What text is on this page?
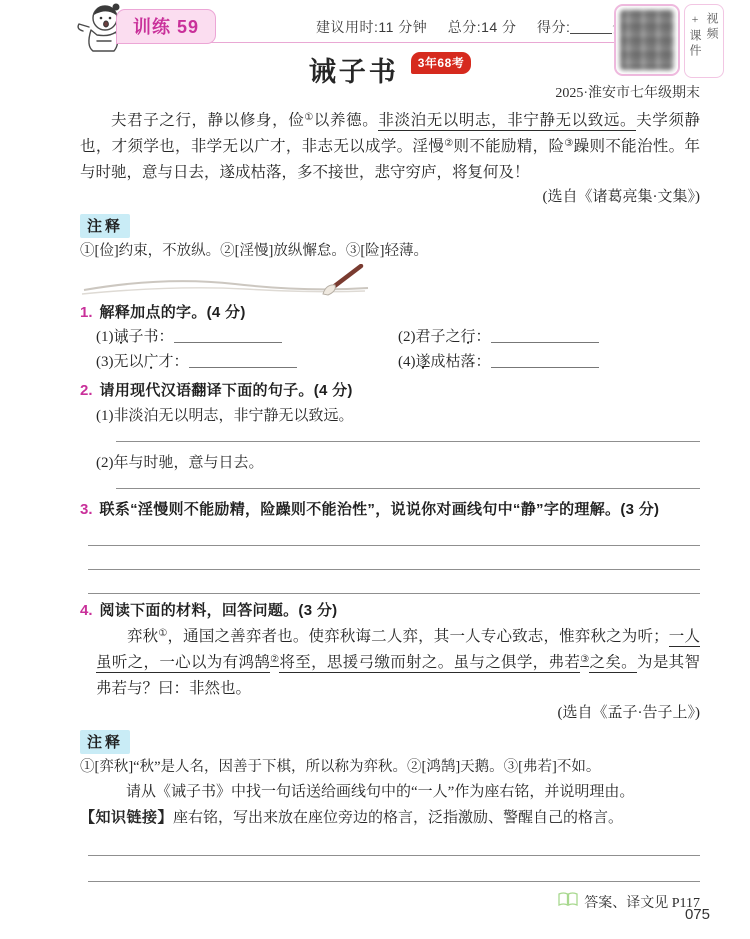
训练 59	建议用时:11 分钟 总分:14 分 得分:	视频+课件
诫子书 3年68考
2025·淮安市七年级期末

夫君子之行，静以修身，俭①以养德。非淡泊无以明志，非宁静无以致远。夫学须静也，才须学也，非学无以广才，非志无以成学。淫慢②则不能励精，险③躁则不能治性。年与时驰，意与日去，遂成枯落，多不接世，悲守穷庐，将复何及！

(选自《诸葛亮集·文集》)
注释
①[俭]约束，不放纵。②[淫慢]放纵懈怠。③[险]轻薄。
1. 解释加点的字。(4 分)
(1)诫子书：	(2)君子之行：
(3)无以广才：	(4)遂成枯落：
2. 请用现代汉语翻译下面的句子。(4 分)
(1)非淡泊无以明志，非宁静无以致远。
(2)年与时驰，意与日去。
3. 联系“淫慢则不能励精，险躁则不能治性”，说说你对画线句中“静”字的理解。(3 分)
4. 阅读下面的材料，回答问题。(3 分)

弈秋①，通国之善弈者也。使弈秋诲二人弈，其一人专心致志，惟弈秋之为听；一人虽听之，一心以为有鸿鹄②将至，思援弓缴而射之。虽与之俱学，弗若③之矣。为是其智弗若与？曰：非然也。

(选自《孟子·告子上》)
注释
①[弈秋]“秋”是人名，因善于下棋，所以称为弈秋。②[鸿鹄]天鹅。③[弗若]不如。
请从《诫子书》中找一句话送给画线句中的“一人”作为座右铭，并说明理由。
【知识链接】座右铭，写出来放在座位旁边的格言，泛指激励、警醒自己的格言。
答案、译文见 P117
075
